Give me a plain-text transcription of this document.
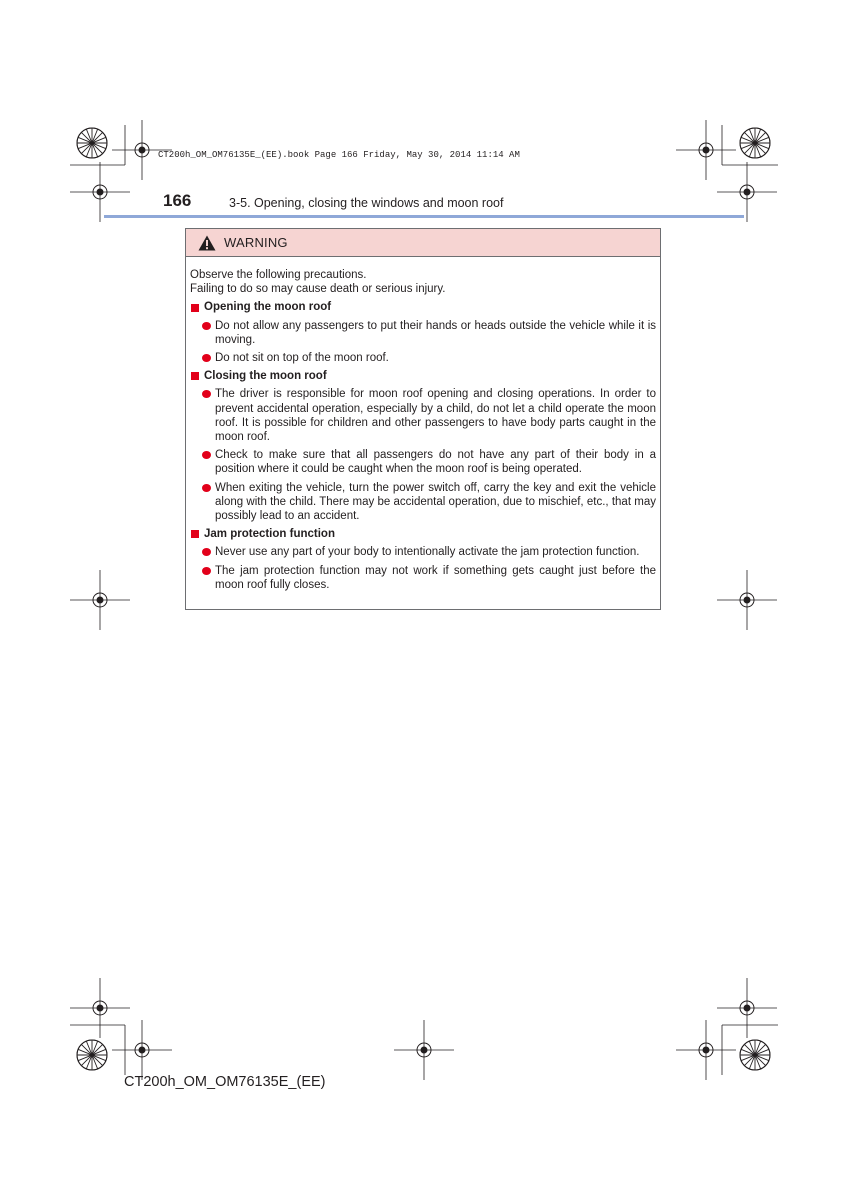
CT200h_OM_OM76135E_(EE).book Page 166 Friday, May 30, 2014 11:14 AM
166	3-5. Opening, closing the windows and moon roof
WARNING
Observe the following precautions.
Failing to do so may cause death or serious injury.
Opening the moon roof
Do not allow any passengers to put their hands or heads outside the vehicle while it is moving.
Do not sit on top of the moon roof.
Closing the moon roof
The driver is responsible for moon roof opening and closing operations. In order to prevent accidental operation, especially by a child, do not let a child operate the moon roof. It is possible for children and other passengers to have body parts caught in the moon roof.
Check to make sure that all passengers do not have any part of their body in a position where it could be caught when the moon roof is being operated.
When exiting the vehicle, turn the power switch off, carry the key and exit the vehicle along with the child. There may be accidental operation, due to mischief, etc., that may possibly lead to an accident.
Jam protection function
Never use any part of your body to intentionally activate the jam protection function.
The jam protection function may not work if something gets caught just before the moon roof fully closes.
CT200h_OM_OM76135E_(EE)
